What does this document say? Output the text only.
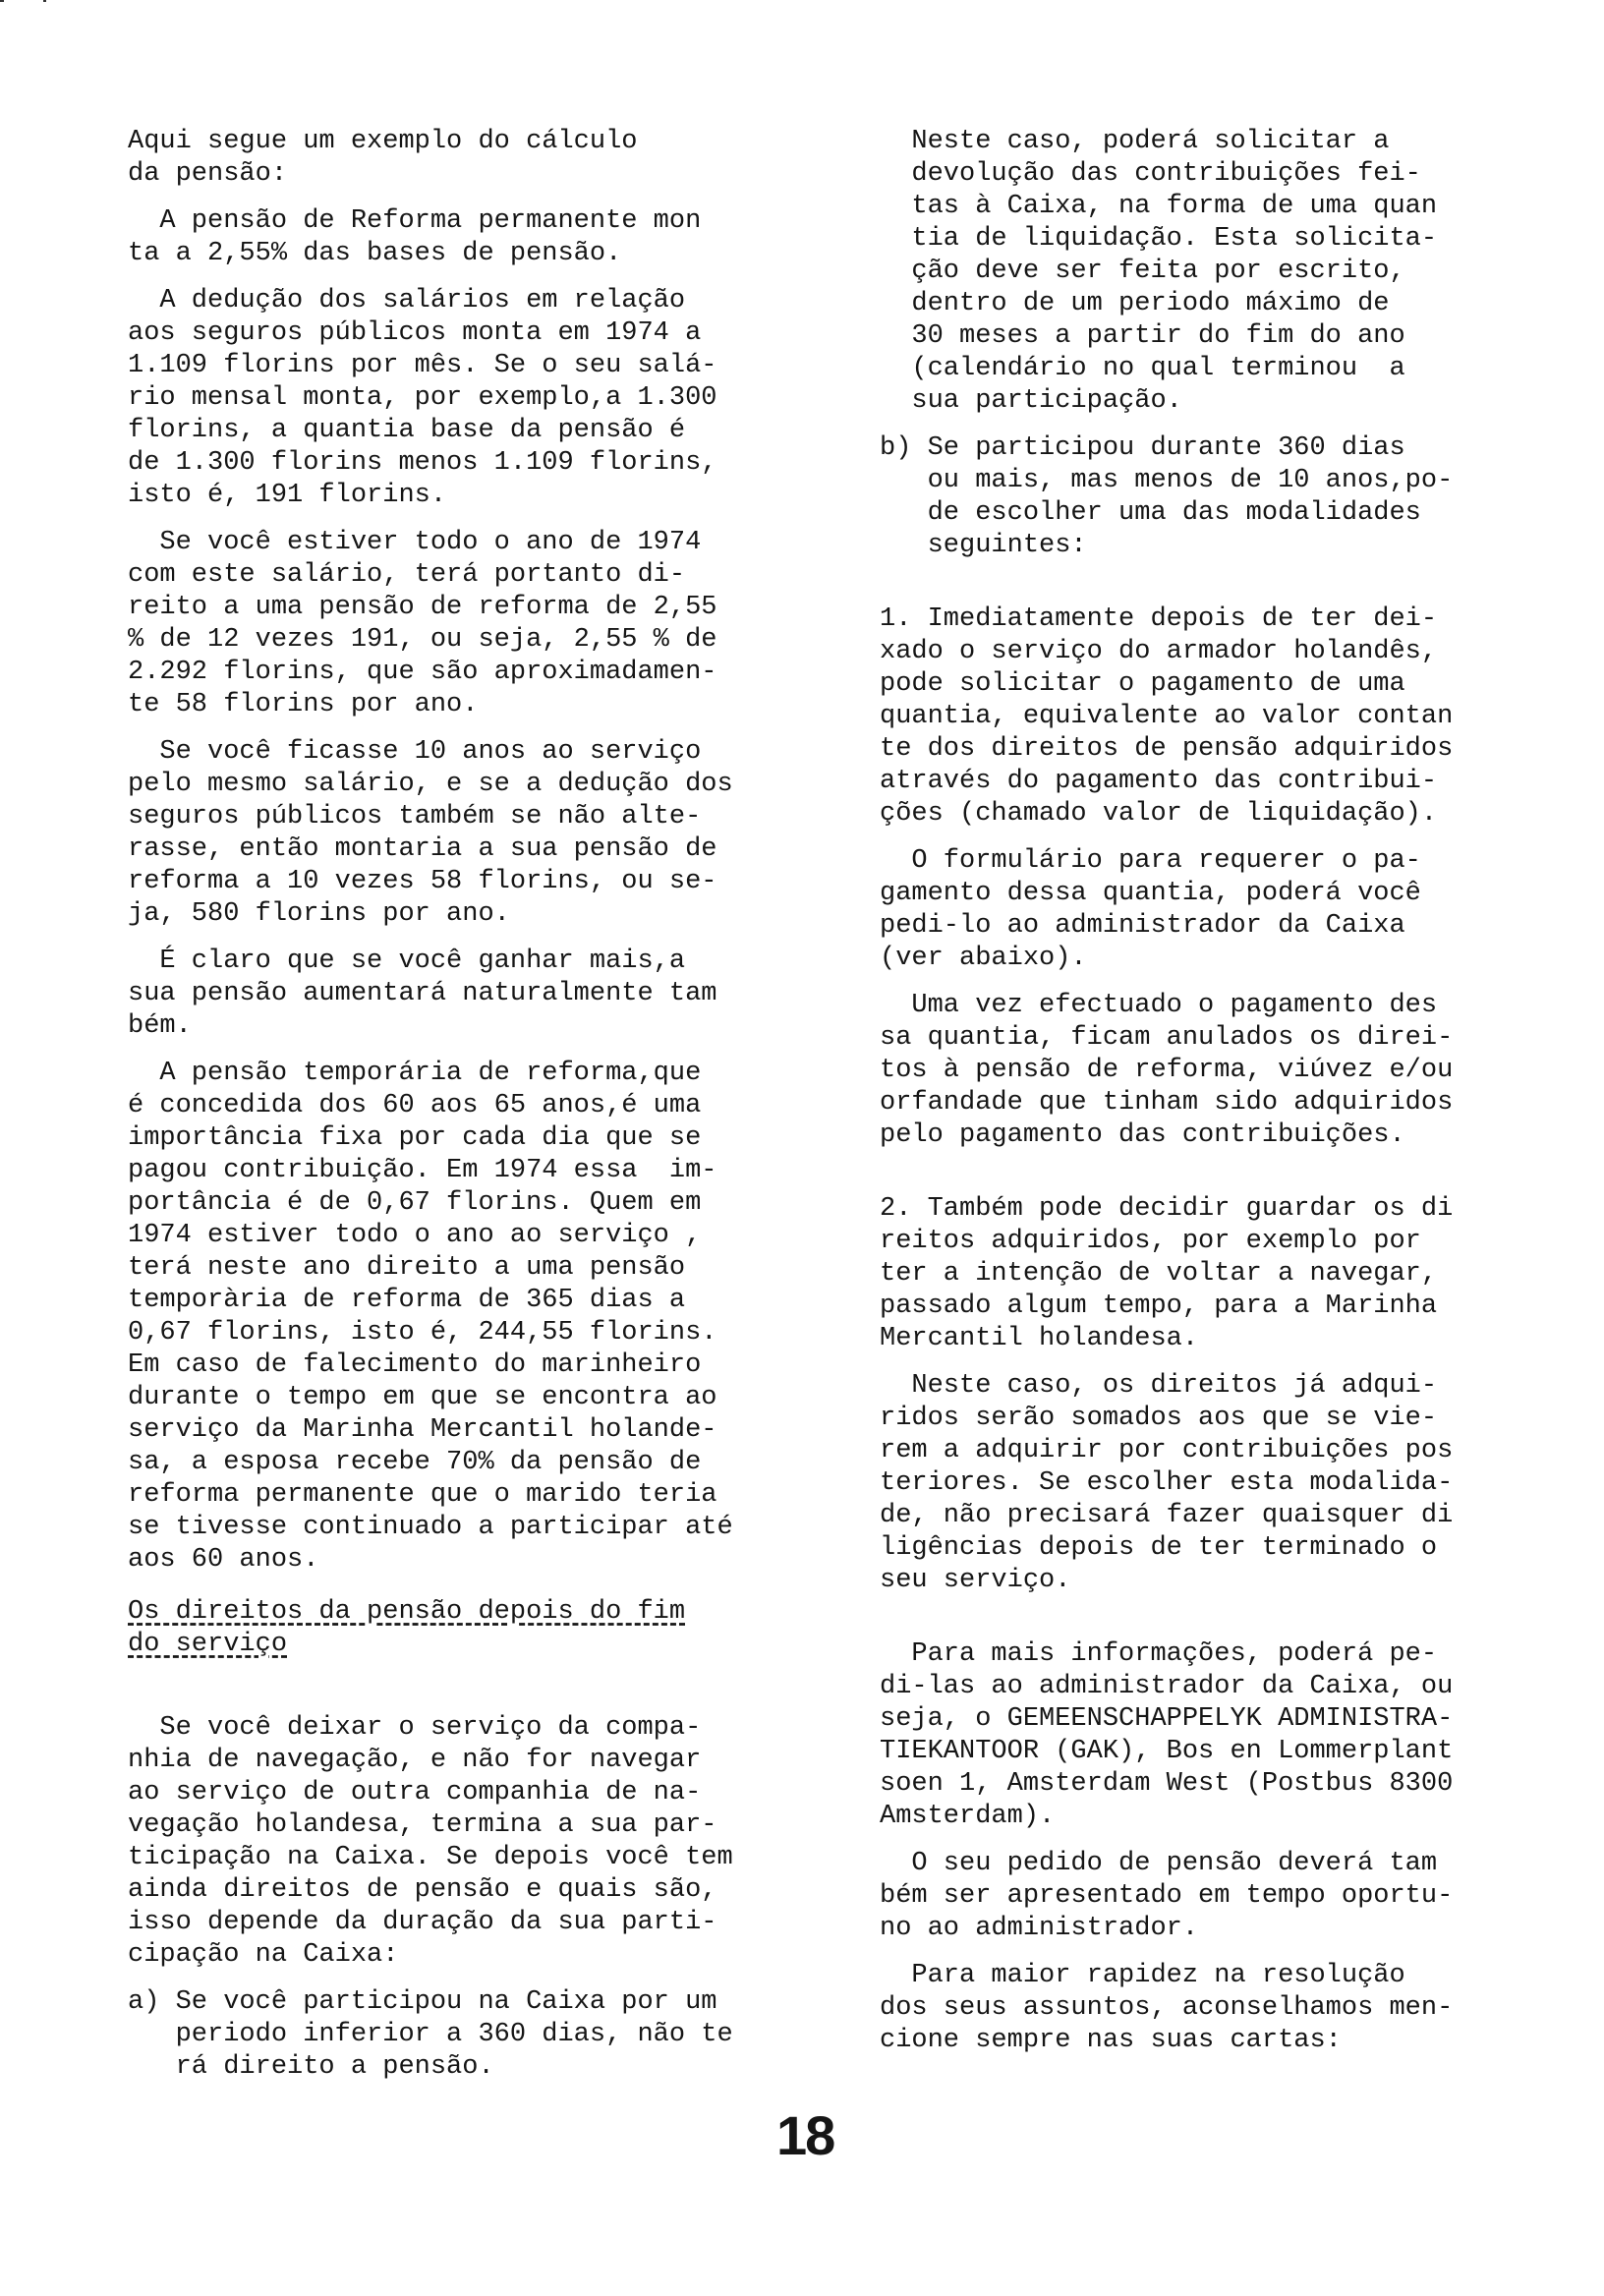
Aqui segue um exemplo do cálculo
da pensão:
A pensão de Reforma permanente mon
ta a 2,55% das bases de pensão.
A dedução dos salários em relação
aos seguros públicos monta em 1974 a
1.109 florins por mês. Se o seu salá-
rio mensal monta, por exemplo,a 1.300
florins, a quantia base da pensão é
de 1.300 florins menos 1.109 florins,
isto é, 191 florins.
Se você estiver todo o ano de 1974
com este salário, terá portanto di-
reito a uma pensão de reforma de 2,55
% de 12 vezes 191, ou seja, 2,55 % de
2.292 florins, que são aproximadamen-
te 58 florins por ano.
Se você ficasse 10 anos ao serviço
pelo mesmo salário, e se a dedução dos
seguros públicos também se não alte-
rasse, então montaria a sua pensão de
reforma a 10 vezes 58 florins, ou se-
ja, 580 florins por ano.
É claro que se você ganhar mais,a
sua pensão aumentará naturalmente tam
bém.
A pensão temporária de reforma,que
é concedida dos 60 aos 65 anos,é uma
importância fixa por cada dia que se
pagou contribuição. Em 1974 essa  im-
portância é de 0,67 florins. Quem em
1974 estiver todo o ano ao serviço ,
terá neste ano direito a uma pensão
temporària de reforma de 365 dias a
0,67 florins, isto é, 244,55 florins.
Em caso de falecimento do marinheiro
durante o tempo em que se encontra ao
serviço da Marinha Mercantil holande-
sa, a esposa recebe 70% da pensão de
reforma permanente que o marido teria
se tivesse continuado a participar até
aos 60 anos.
Os direitos da pensão depois do fim
do serviço
Se você deixar o serviço da compa-
nhia de navegação, e não for navegar
ao serviço de outra companhia de na-
vegação holandesa, termina a sua par-
ticipação na Caixa. Se depois você tem
ainda direitos de pensão e quais são,
isso depende da duração da sua parti-
cipação na Caixa:
a) Se você participou na Caixa por um
periodo inferior a 360 dias, não te
rá direito a pensão.
Neste caso, poderá solicitar a
devolução das contribuições fei-
tas à Caixa, na forma de uma quan
tia de liquidação. Esta solicita-
ção deve ser feita por escrito,
dentro de um periodo máximo de
30 meses a partir do fim do ano
(calendário no qual terminou  a
sua participação.
b) Se participou durante 360 dias
ou mais, mas menos de 10 anos,po-
de escolher uma das modalidades
seguintes:
1. Imediatamente depois de ter dei-
xado o serviço do armador holandês,
pode solicitar o pagamento de uma
quantia, equivalente ao valor contan
te dos direitos de pensão adquiridos
através do pagamento das contribui-
ções (chamado valor de liquidação).
O formulário para requerer o pa-
gamento dessa quantia, poderá você
pedi-lo ao administrador da Caixa
(ver abaixo).
Uma vez efectuado o pagamento des
sa quantia, ficam anulados os direi-
tos à pensão de reforma, viúvez e/ou
orfandade que tinham sido adquiridos
pelo pagamento das contribuições.
2. Também pode decidir guardar os di
reitos adquiridos, por exemplo por
ter a intenção de voltar a navegar,
passado algum tempo, para a Marinha
Mercantil holandesa.
Neste caso, os direitos já adqui-
ridos serão somados aos que se vie-
rem a adquirir por contribuições pos
teriores. Se escolher esta modalida-
de, não precisará fazer quaisquer di
ligências depois de ter terminado o
seu serviço.
Para mais informações, poderá pe-
di-las ao administrador da Caixa, ou
seja, o GEMEENSCHAPPELYK ADMINISTRA-
TIEKANTOOR (GAK), Bos en Lommerplant
soen 1, Amsterdam West (Postbus 8300
Amsterdam).
O seu pedido de pensão deverá tam
bém ser apresentado em tempo oportu-
no ao administrador.
Para maior rapidez na resolução
dos seus assuntos, aconselhamos men-
cione sempre nas suas cartas:
18
